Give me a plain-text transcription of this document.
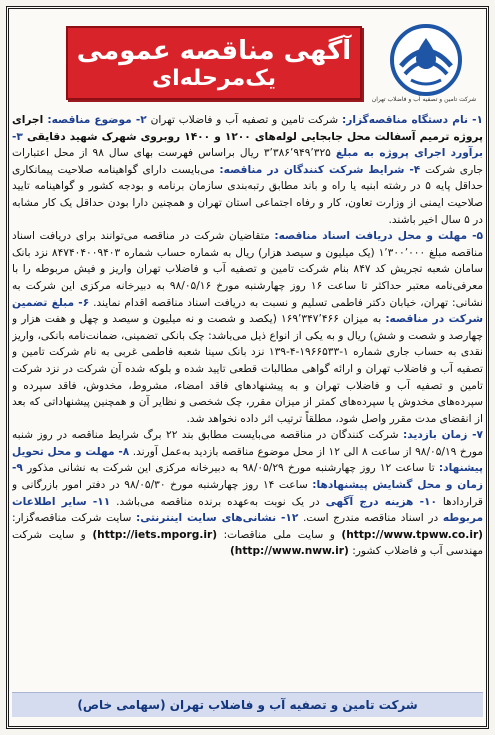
آگهی مناقصه عمومی
یک‌مرحله‌ای
شرکت تامین و تصفیه آب و فاضلاب تهران

۱- نام دستگاه مناقصه‌گزار: شرکت تامین و تصفیه آب و فاضلاب تهران ۲- موضوع مناقصه: اجرای پروژه ترمیم آسفالت محل جابجایی لوله‌های ۱۲۰۰ و ۱۴۰۰ روبروی شهرک شهید دقایقی ۳- برآورد اجرای پروژه به مبلغ ۳٬۳۸۶٬۹۴۹٬۳۲۵ ریال براساس فهرست بهای سال ۹۸ از محل اعتبارات جاری شرکت ۴- شرایط شرکت کنندگان در مناقصه: می‌بایست دارای گواهینامه صلاحیت پیمانکاری حداقل پایه ۵ در رشته ابنیه یا راه و باند مطابق رتبه‌بندی سازمان برنامه و بودجه کشور و گواهینامه تایید صلاحیت ایمنی از وزارت تعاون، کار و رفاه اجتماعی استان تهران و همچنین دارا بودن حداقل یک کار مشابه در ۵ سال اخیر باشند.

۵- مهلت و محل دریافت اسناد مناقصه: متقاضیان شرکت در مناقصه می‌توانند برای دریافت اسناد مناقصه مبلغ ۱٬۳۰۰٬۰۰۰ (یک میلیون و سیصد هزار) ریال به شماره حساب شماره ۸۴۷۴۰۴۰۰۹۴۰۳ نزد بانک سامان شعبه تجریش کد ۸۴۷ بنام شرکت تامین و تصفیه آب و فاضلاب تهران واریز و فیش مربوطه را با معرفی‌نامه معتبر حداکثر تا ساعت ۱۶ روز چهارشنبه مورخ ۹۸/۰۵/۱۶ به دبیرخانه مرکزی این شرکت به نشانی: تهران، خیابان دکتر فاطمی تسلیم و نسبت به دریافت اسناد مناقصه اقدام نمایند. ۶- مبلغ تضمین شرکت در مناقصه: به میزان ۱۶۹٬۳۴۷٬۴۶۶ (یکصد و شصت و نه میلیون و سیصد و چهل و هفت هزار و چهارصد و شصت و شش) ریال و به یکی از انواع ذیل می‌باشد: چک بانکی تضمینی، ضمانت‌نامه بانکی، واریز نقدی به حساب جاری شماره ۱-۱۹۶۶۵۳۳-۴-۱۳۹ نزد بانک سینا شعبه فاطمی غربی به نام شرکت تامین و تصفیه آب و فاضلاب تهران و ارائه گواهی مطالبات قطعی تایید شده و بلوکه شده آن شرکت در نزد شرکت تامین و تصفیه آب و فاضلاب تهران و به پیشنهادهای فاقد امضاء، مشروط، مخدوش، فاقد سپرده و سپرده‌های مخدوش یا سپرده‌های کمتر از میزان مقرر، چک شخصی و نظایر آن و همچنین پیشنهاداتی که بعد از انقضای مدت مقرر واصل شود، مطلقاً ترتیب اثر داده نخواهد شد.

۷- زمان بازدید: شرکت کنندگان در مناقصه می‌بایست مطابق بند ۲۲ برگ شرایط مناقصه در روز شنبه مورخ ۹۸/۰۵/۱۹ از ساعت ۸ الی ۱۲ از محل موضوع مناقصه بازدید به‌عمل آورند. ۸- مهلت و محل تحویل پیشنهاد: تا ساعت ۱۲ روز چهارشنبه مورخ ۹۸/۰۵/۲۹ به دبیرخانه مرکزی این شرکت به نشانی مذکور ۹- زمان و محل گشایش پیشنهادها: ساعت ۱۴ روز چهارشنبه مورخ ۹۸/۰۵/۳۰ در دفتر امور بازرگانی و قراردادها ۱۰- هزینه درج آگهی در یک نوبت به‌عهده برنده مناقصه می‌باشد. ۱۱- سایر اطلاعات مربوطه در اسناد مناقصه مندرج است. ۱۲- نشانی‌های سایت اینترنتی: سایت شرکت مناقصه‌گزار: (http://www.tpww.co.ir) و سایت ملی مناقصات: (http://iets.mporg.ir) و سایت شرکت مهندسی آب و فاضلاب کشور: (http://www.nww.ir)

شرکت تامین و تصفیه آب و فاضلاب تهران (سهامی خاص)
